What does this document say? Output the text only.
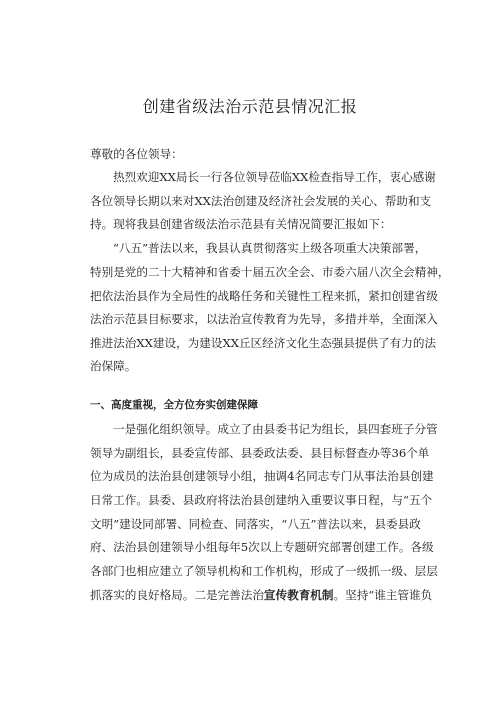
创建省级法治示范县情况汇报
尊敬的各位领导：
热烈欢迎XX局长一行各位领导莅临XX检查指导工作，衷心感谢
各位领导长期以来对XX法治创建及经济社会发展的关心、帮助和支
持。现将我县创建省级法治示范县有关情况简要汇报如下：
“八五”普法以来，我县认真贯彻落实上级各项重大决策部署，
特别是党的二十大精神和省委十届五次全会、市委六届八次全会精神，
把依法治县作为全局性的战略任务和关键性工程来抓，紧扣创建省级
法治示范县目标要求，以法治宣传教育为先导，多措并举，全面深入
推进法治XX建设，为建设XX丘区经济文化生态强县提供了有力的法
治保障。
一、高度重视，全方位夯实创建保障
一是强化组织领导。成立了由县委书记为组长，县四套班子分管
领导为副组长，县委宣传部、县委政法委、县目标督查办等36个单
位为成员的法治县创建领导小组，抽调4名同志专门从事法治县创建
日常工作。县委、县政府将法治县创建纳入重要议事日程，与“五个
文明”建设同部署、同检查、同落实，“八五”普法以来，县委县政
府、法治县创建领导小组每年5次以上专题研究部署创建工作。各级
各部门也相应建立了领导机构和工作机构，形成了一级抓一级、层层
抓落实的良好格局。二是完善法治宣传教育机制。坚持“谁主管谁负
